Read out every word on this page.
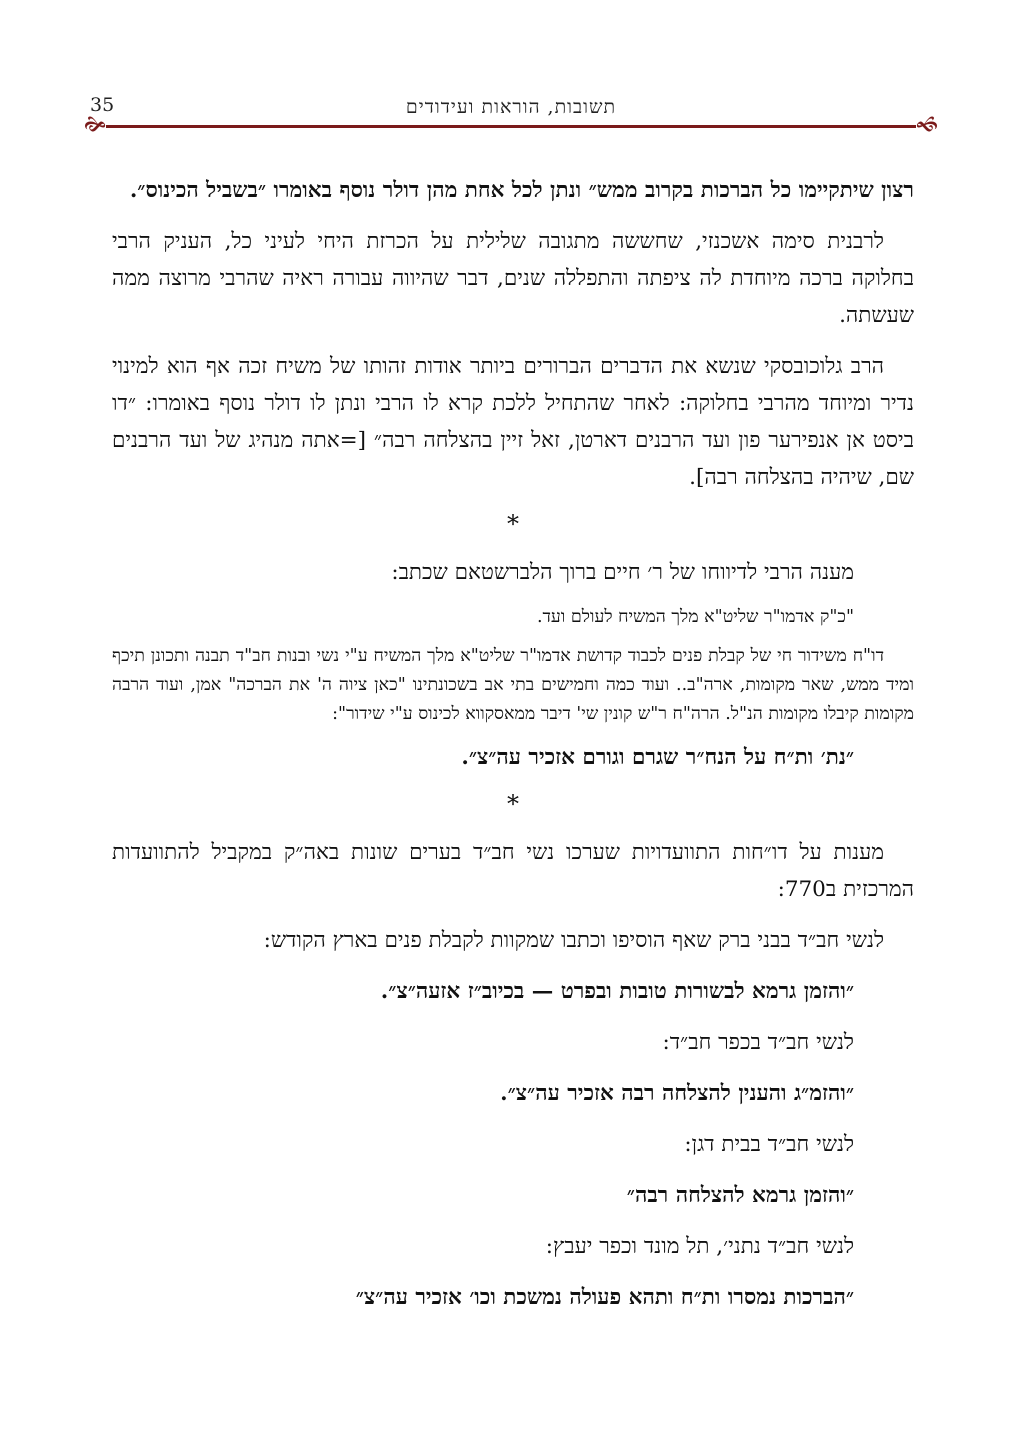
35	תשובות, הוראות ועידודים
🙞	🙜

רצון שיתקיימו כל הברכות בקרוב ממש״ ונתן לכל אחת מהן דולר נוסף באומרו ״בשביל הכינוס״.

לרבנית סימה אשכנזי, שחששה מתגובה שלילית על הכרזת היחי לעיני כל, העניק הרבי בחלוקה ברכה מיוחדת לה ציפתה והתפללה שנים, דבר שהיווה עבורה ראיה שהרבי מרוצה ממה שעשתה.

הרב גלוכובסקי שנשא את הדברים הברורים ביותר אודות זהותו של משיח זכה אף הוא למינוי נדיר ומיוחד מהרבי בחלוקה: לאחר שהתחיל ללכת קרא לו הרבי ונתן לו דולר נוסף באומרו: ״דו ביסט אן אנפירער פון ועד הרבנים דארטן, זאל זיין בהצלחה רבה״ [=אתה מנהיג של ועד הרבנים שם, שיהיה בהצלחה רבה].

*

מענה הרבי לדיווחו של ר׳ חיים ברוך הלברשטאם שכתב:

"כ"ק אדמו"ר שליט"א מלך המשיח לעולם ועד.

דו"ח משידור חי של קבלת פנים לכבוד קדושת אדמו"ר שליט"א מלך המשיח ע"י נשי ובנות חב"ד תבנה ותכונן תיכף ומיד ממש, שאר מקומות, ארה"ב.. ועוד כמה וחמישים בתי אב בשכונתינו "כאן ציוה ה' את הברכה" אמן, ועוד הרבה מקומות קיבלו מקומות הנ"ל. הרה"ח ר"ש קונין שי' דיבר ממאסקווא לכינוס ע"י שידור":

״נת׳ ות״ח על הנח״ר שגרם וגורם אזכיר עה״צ״.

*

מענות על דו״חות התוועדויות שערכו נשי חב״ד בערים שונות באה״ק במקביל להתוועדות המרכזית ב770:

לנשי חב״ד בבני ברק שאף הוסיפו וכתבו שמקוות לקבלת פנים בארץ הקודש:

״והזמן גרמא לבשורות טובות ובפרט — בכיוב״ז אזעה״צ״.

לנשי חב״ד בכפר חב״ד:

״והזמ״ג והענין להצלחה רבה אזכיר עה״צ״.

לנשי חב״ד בבית דגן:

״והזמן גרמא להצלחה רבה״

לנשי חב״ד נתני׳, תל מונד וכפר יעבץ:

״הברכות נמסרו ות״ח ותהא פעולה נמשכת וכו׳ אזכיר עה״צ״
